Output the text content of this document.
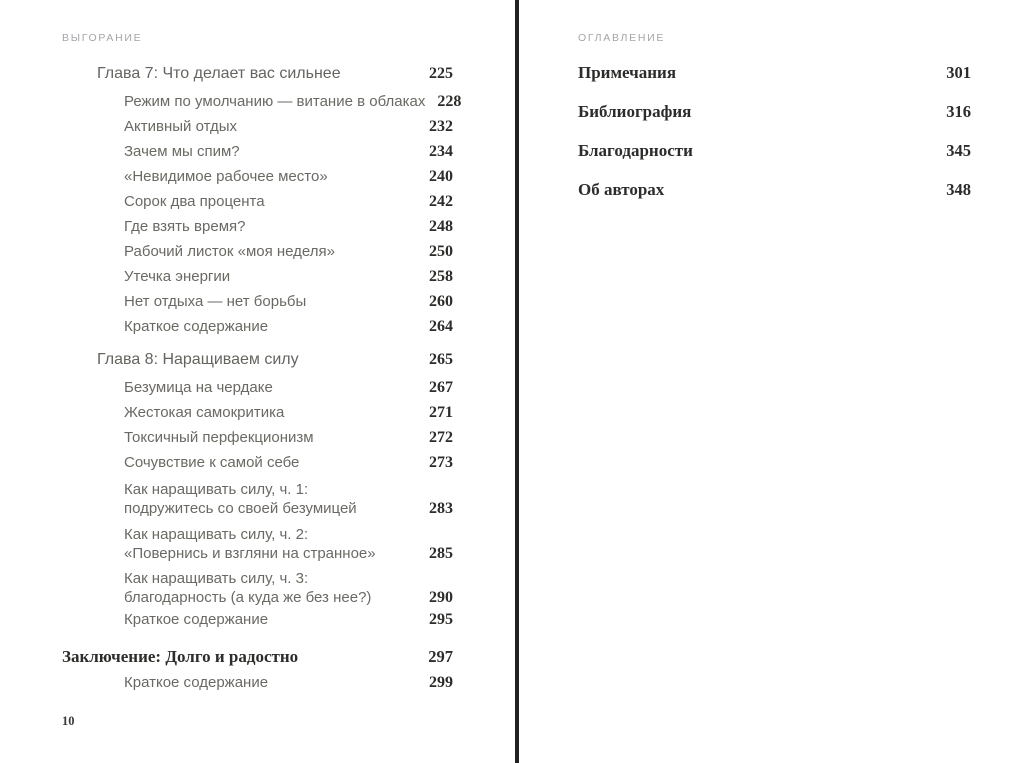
ВЫГОРАНИЕ
Глава 7: Что делает вас сильнее	225
Режим по умолчанию — витание в облаках 228
Активный отдых	232
Зачем мы спим?	234
«Невидимое рабочее место»	240
Сорок два процента	242
Где взять время?	248
Рабочий листок «моя неделя»	250
Утечка энергии	258
Нет отдыха — нет борьбы	260
Краткое содержание	264
Глава 8: Наращиваем силу	265
Безумица на чердаке	267
Жестокая самокритика	271
Токсичный перфекционизм	272
Сочувствие к самой себе	273
Как наращивать силу, ч. 1:
подружитесь со своей безумицей	283
Как наращивать силу, ч. 2:
«Повернись и взгляни на странное»	285
Как наращивать силу, ч. 3:
благодарность (а куда же без нее?)	290
Краткое содержание	295
Заключение: Долго и радостно	297
Краткое содержание	299
10
ОГЛАВЛЕНИЕ
Примечания	301
Библиография	316
Благодарности	345
Об авторах	348
